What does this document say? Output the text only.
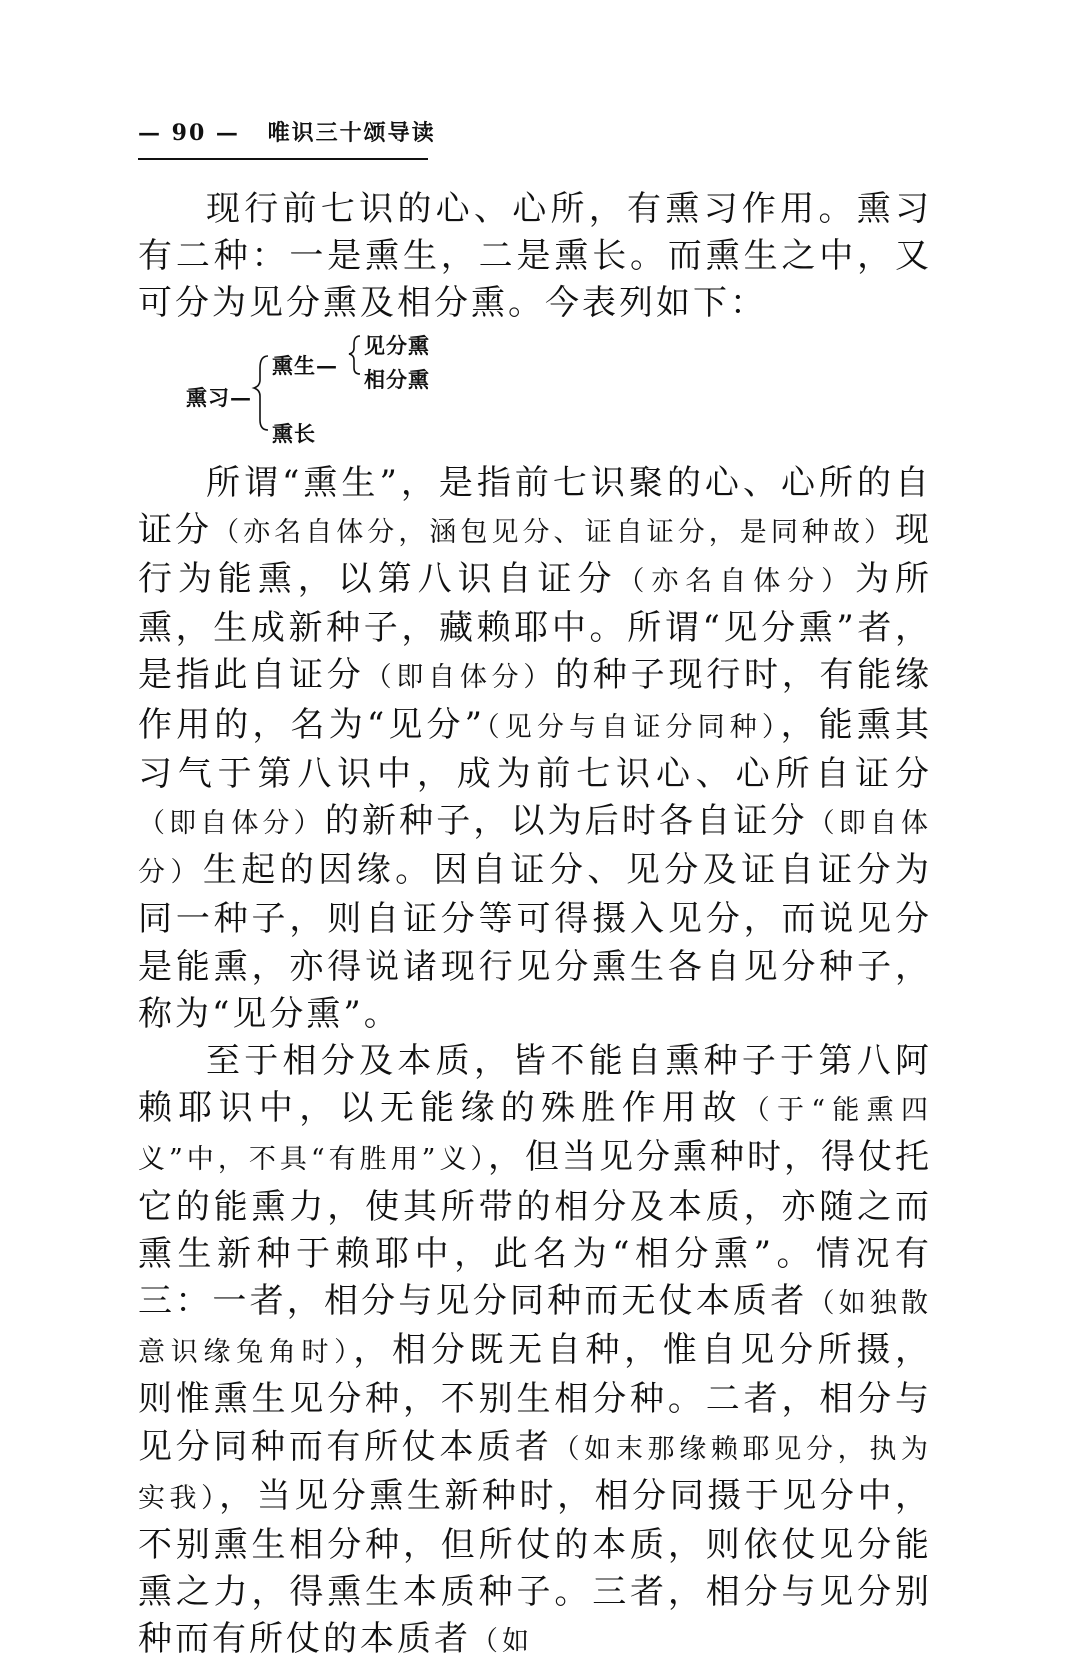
— 90 — 唯识三十颂导读

现行前七识的心、心所，有熏习作用。熏习有二种：一是熏生，二是熏长。而熏生之中，又可分为见分熏及相分熏。今表列如下：

熏习—
熏生—
熏长
见分熏
相分熏

所谓“熏生”，是指前七识聚的心、心所的自证分（亦名自体分，涵包见分、证自证分，是同种故）现行为能熏，以第八识自证分（亦名自体分）为所熏，生成新种子，藏赖耶中。所谓“见分熏”者，是指此自证分（即自体分）的种子现行时，有能缘作用的，名为“见分”（见分与自证分同种），能熏其习气于第八识中，成为前七识心、心所自证分（即自体分）的新种子，以为后时各自证分（即自体分）生起的因缘。因自证分、见分及证自证分为同一种子，则自证分等可得摄入见分，而说见分是能熏，亦得说诸现行见分熏生各自见分种子，称为“见分熏”。

至于相分及本质，皆不能自熏种子于第八阿赖耶识中，以无能缘的殊胜作用故（于“能熏四义”中，不具“有胜用”义），但当见分熏种时，得仗托它的能熏力，使其所带的相分及本质，亦随之而熏生新种于赖耶中，此名为“相分熏”。情况有三：一者，相分与见分同种而无仗本质者（如独散意识缘兔角时），相分既无自种，惟自见分所摄，则惟熏生见分种，不别生相分种。二者，相分与见分同种而有所仗本质者（如末那缘赖耶见分，执为实我），当见分熏生新种时，相分同摄于见分中，不别熏生相分种，但所仗的本质，则依仗见分能熏之力，得熏生本质种子。三者，相分与见分别种而有所仗的本质者（如
